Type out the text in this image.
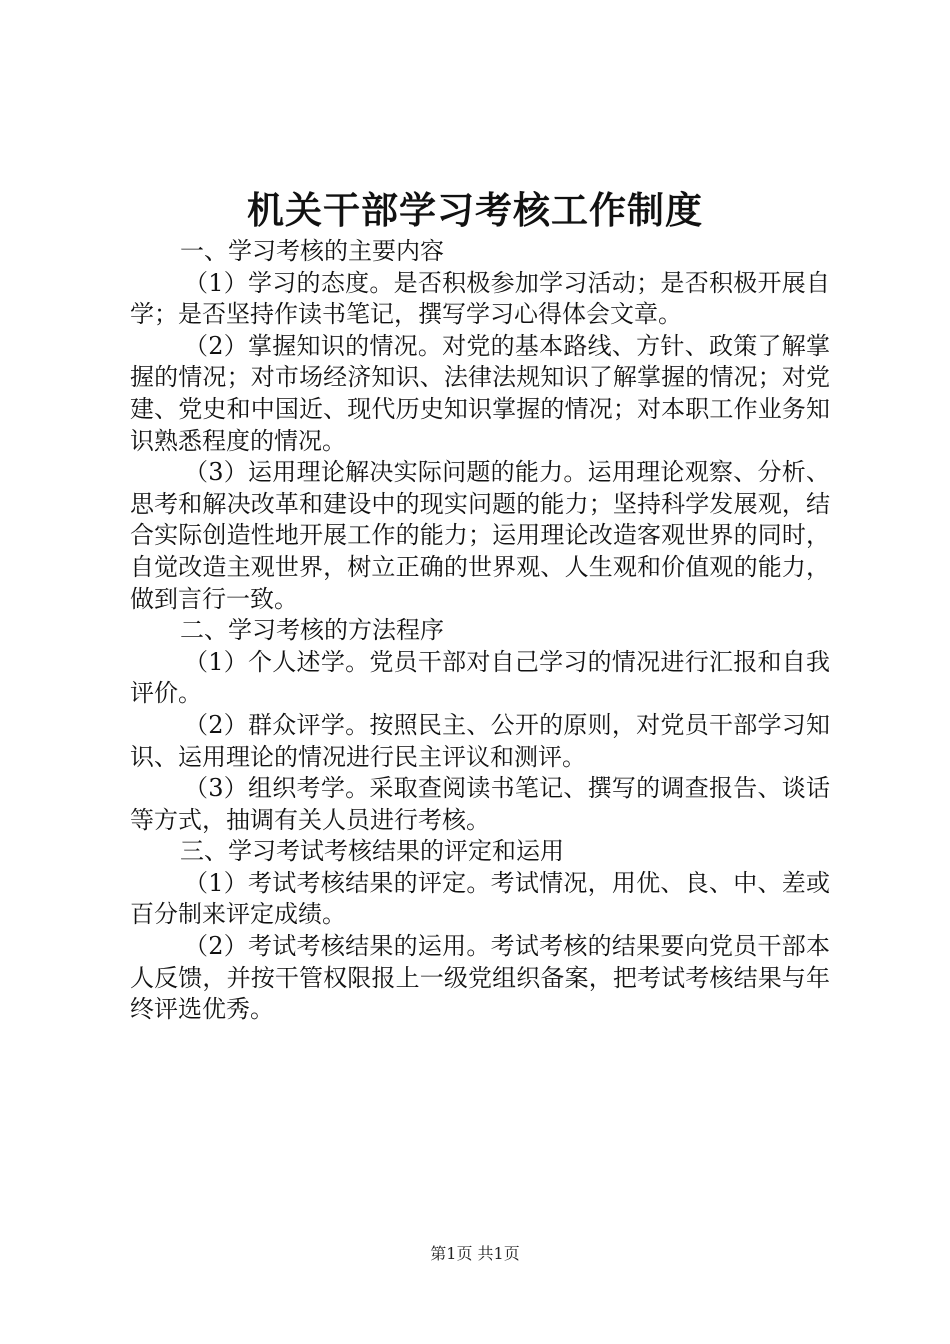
机关干部学习考核工作制度

一、学习考核的主要内容

（1）学习的态度。是否积极参加学习活动；是否积极开展自学；是否坚持作读书笔记，撰写学习心得体会文章。

（2）掌握知识的情况。对党的基本路线、方针、政策了解掌握的情况；对市场经济知识、法律法规知识了解掌握的情况；对党建、党史和中国近、现代历史知识掌握的情况；对本职工作业务知识熟悉程度的情况。

（3）运用理论解决实际问题的能力。运用理论观察、分析、思考和解决改革和建设中的现实问题的能力；坚持科学发展观，结合实际创造性地开展工作的能力；运用理论改造客观世界的同时，自觉改造主观世界，树立正确的世界观、人生观和价值观的能力，做到言行一致。

二、学习考核的方法程序

（1）个人述学。党员干部对自己学习的情况进行汇报和自我评价。

（2）群众评学。按照民主、公开的原则，对党员干部学习知识、运用理论的情况进行民主评议和测评。

（3）组织考学。采取查阅读书笔记、撰写的调查报告、谈话等方式，抽调有关人员进行考核。

三、学习考试考核结果的评定和运用

（1）考试考核结果的评定。考试情况，用优、良、中、差或百分制来评定成绩。

（2）考试考核结果的运用。考试考核的结果要向党员干部本人反馈，并按干管权限报上一级党组织备案，把考试考核结果与年终评选优秀。

第1页 共1页
